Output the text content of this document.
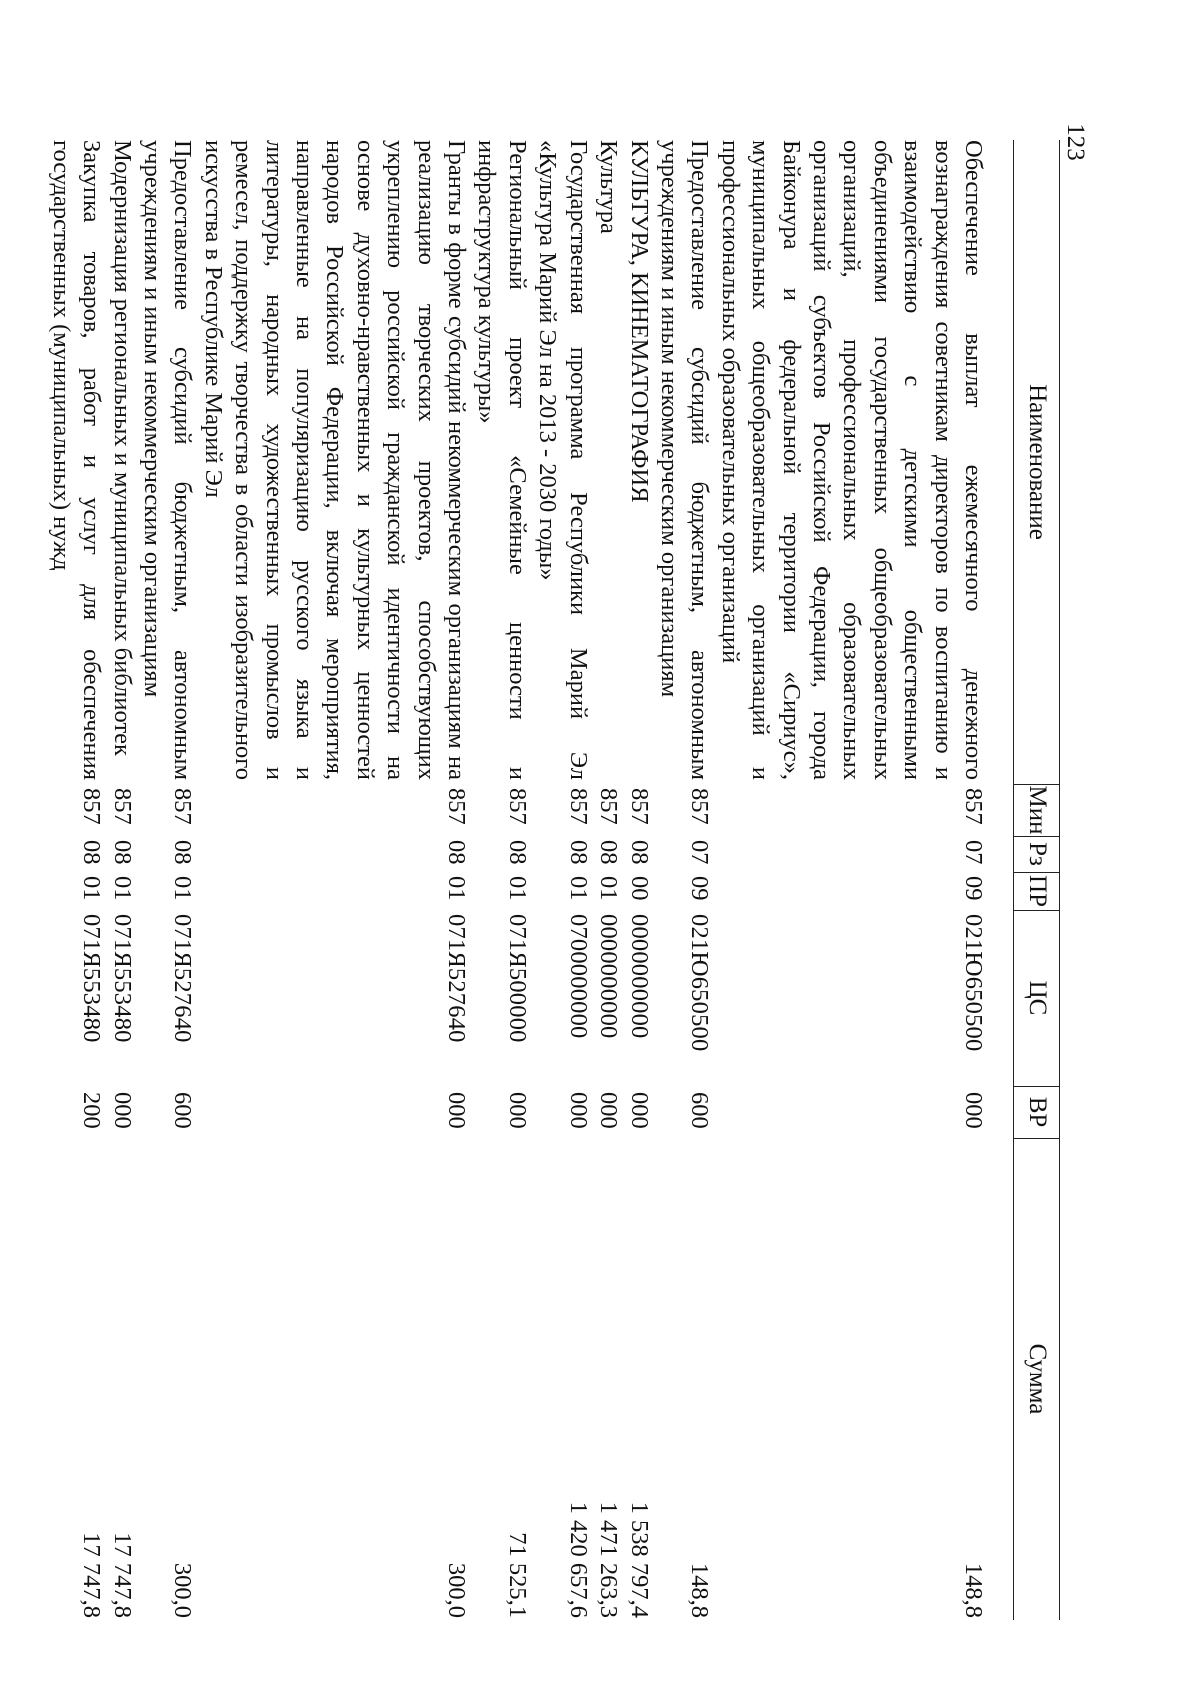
123
Наименование
Мин
Рз
ПР
ЦС
ВР
Сумма

Обеспечение выплат ежемесячного денежного вознаграждения советникам директоров по воспитанию и взаимодействию с детскими общественными объединениями государственных общеобразовательных организаций, профессиональных образовательных организаций субъектов Российской Федерации, города Байконура и федеральной территории «Сириус», муниципальных общеобразовательных организаций и профессиональных образовательных организаций

857
07
09
021Ю650500
000
148,8

Предоставление субсидий бюджетным, автономным учреждениям и иным некоммерческим организациям

857
07
09
021Ю650500
600
148,8

КУЛЬТУРА, КИНЕМАТОГРАФИЯ

857
08
00
0000000000
000
1 538 797,4

Культура

857
08
01
0000000000
000
1 471 263,3

Государственная программа Республики Марий Эл «Культура Марий Эл на 2013 - 2030 годы»

857
08
01
0700000000
000
1 420 657,6

Региональный проект «Семейные ценности и инфраструктура культуры»

857
08
01
071Я500000
000
71 525,1

Гранты в форме субсидий некоммерческим организациям на реализацию творческих проектов, способствующих укреплению российской гражданской идентичности на основе духовно-нравственных и культурных ценностей народов Российской Федерации, включая мероприятия, направленные на популяризацию русского языка и литературы, народных художественных промыслов и ремесел, поддержку творчества в области изобразительного искусства в Республике Марий Эл

857
08
01
071Я527640
000
300,0

Предоставление субсидий бюджетным, автономным учреждениям и иным некоммерческим организациям

857
08
01
071Я527640
600
300,0

Модернизация региональных и муниципальных библиотек

857
08
01
071Я553480
000
17 747,8

Закупка товаров, работ и услуг для обеспечения государственных (муниципальных) нужд

857
08
01
071Я553480
200
17 747,8
